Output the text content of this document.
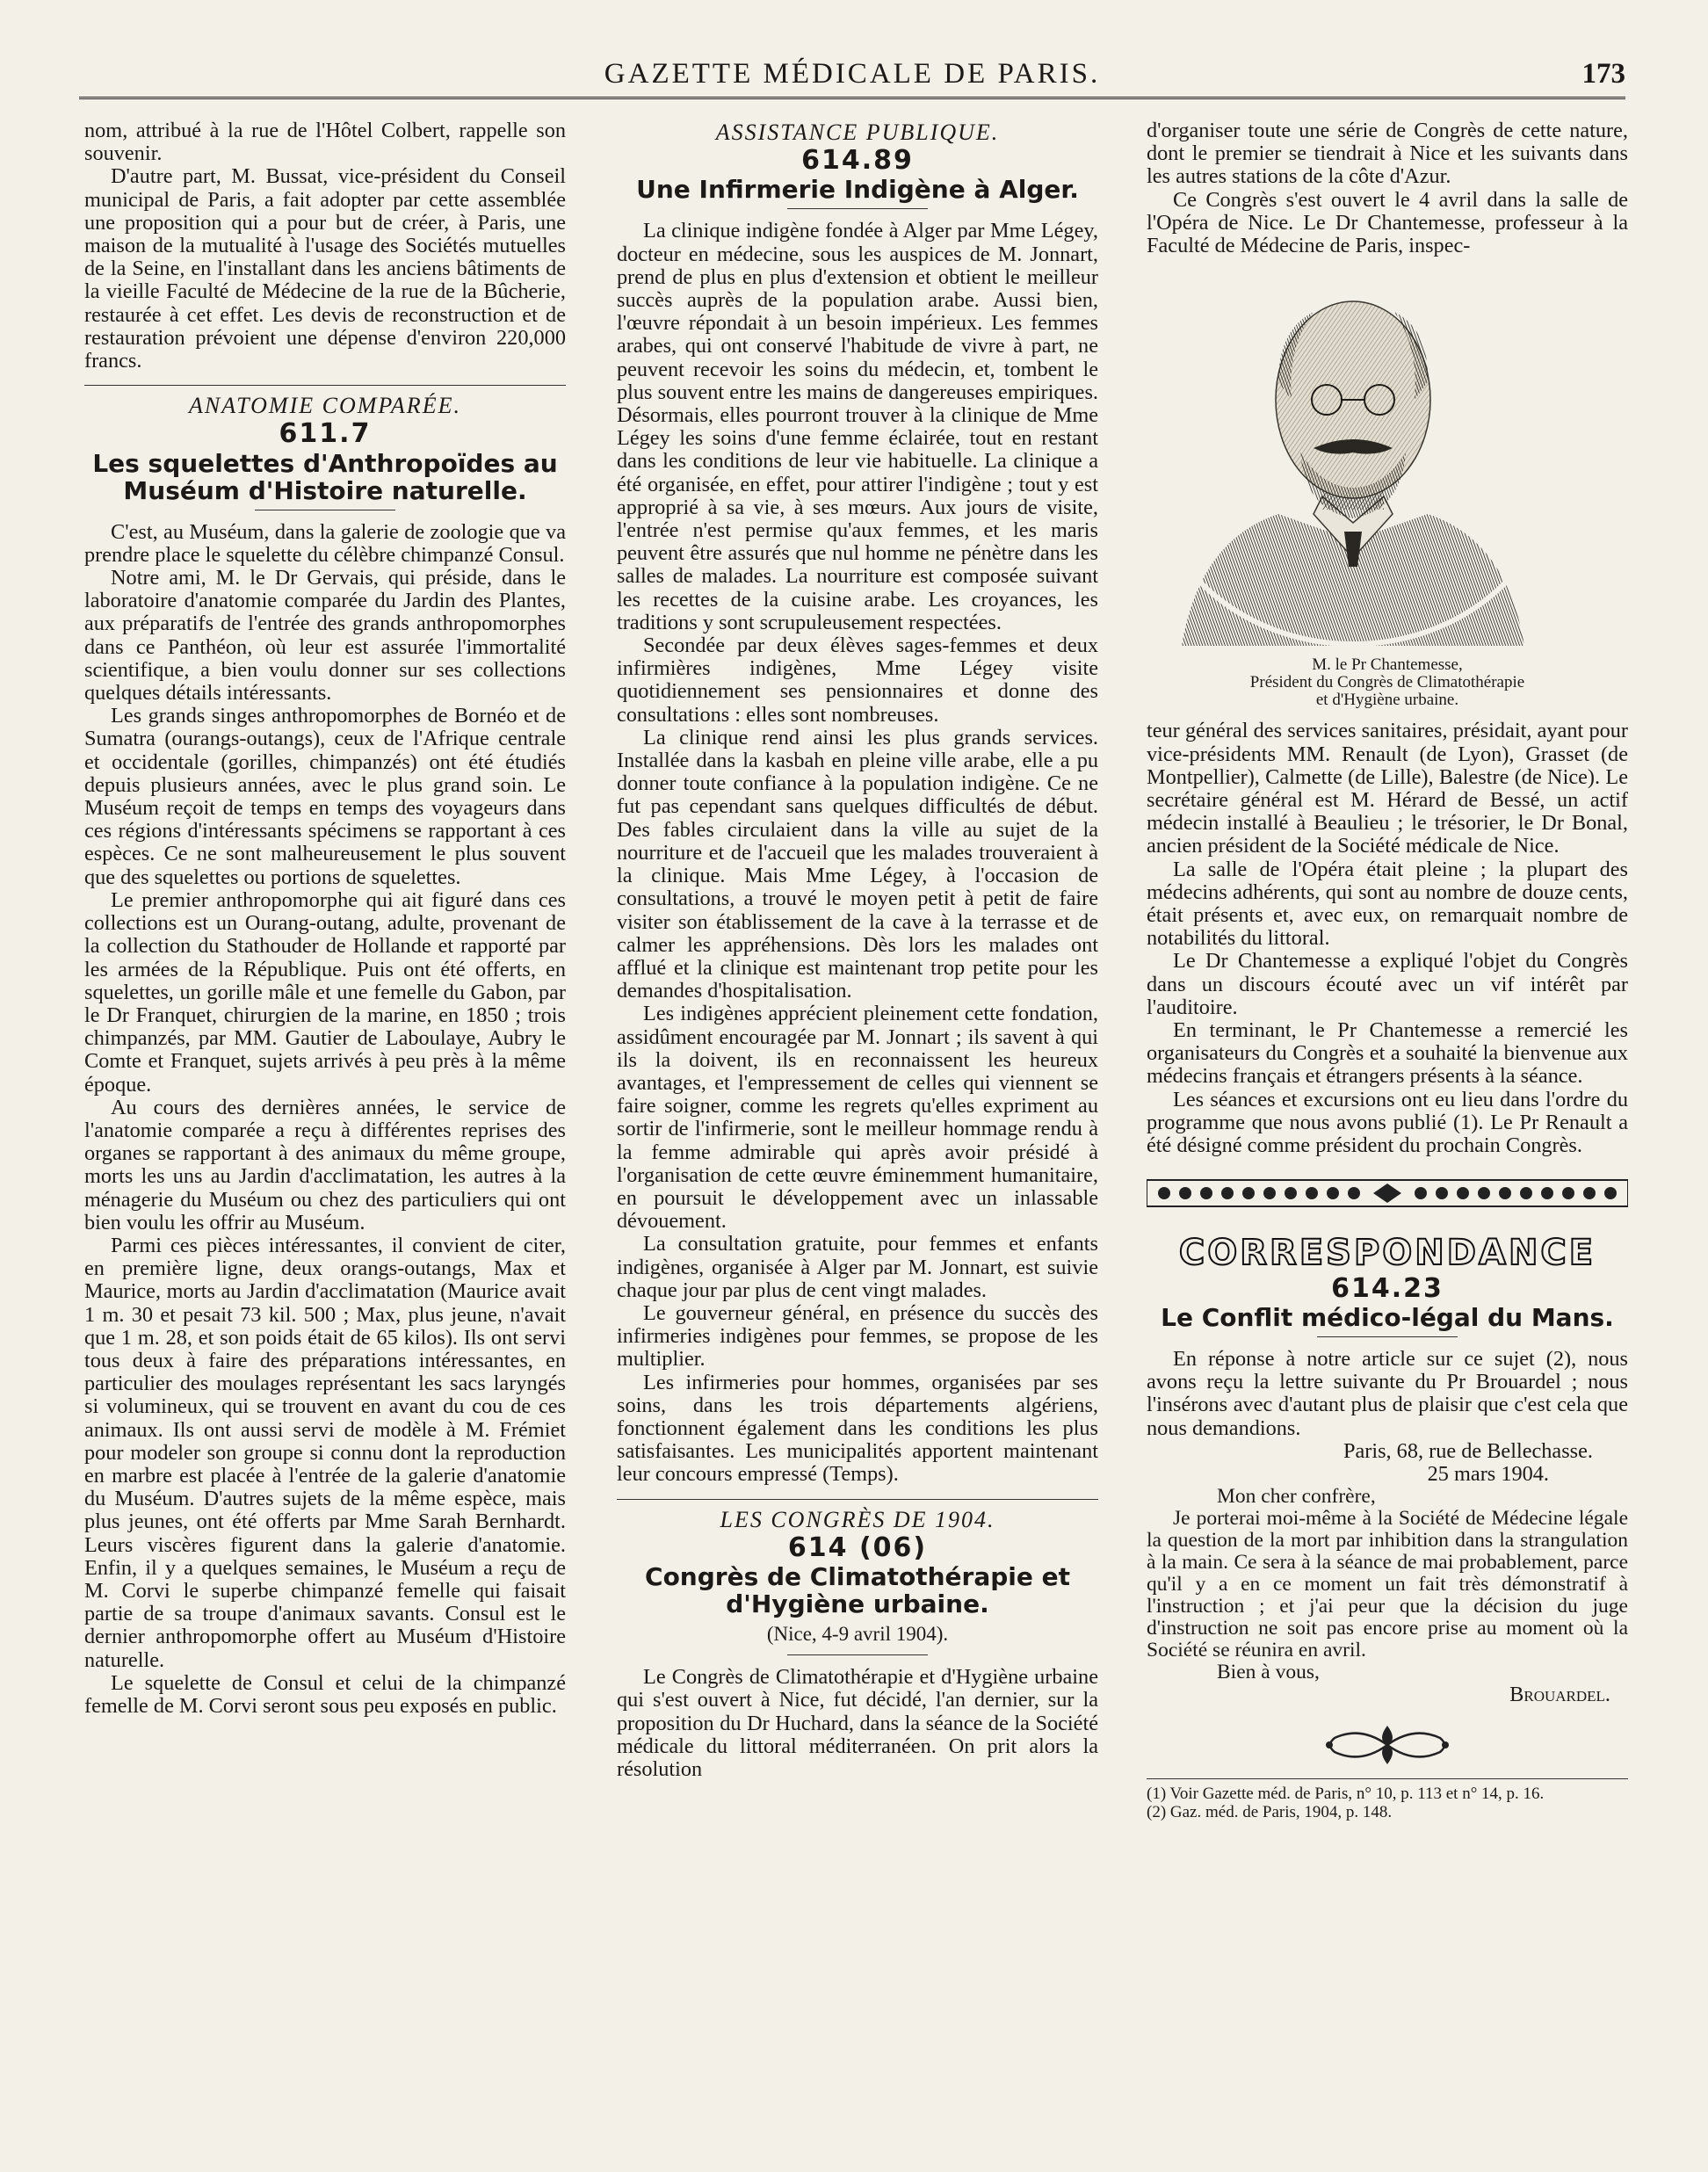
GAZETTE MÉDICALE DE PARIS.	173

nom, attribué à la rue de l'Hôtel Colbert, rappelle son souvenir.

D'autre part, M. Bussat, vice-président du Conseil municipal de Paris, a fait adopter par cette assemblée une proposition qui a pour but de créer, à Paris, une maison de la mutualité à l'usage des Sociétés mutuelles de la Seine, en l'installant dans les anciens bâtiments de la vieille Faculté de Médecine de la rue de la Bûcherie, restaurée à cet effet. Les devis de reconstruction et de restauration prévoient une dépense d'environ 220,000 francs.

ANATOMIE COMPARÉE.
611.7
Les squelettes d'Anthropoïdes au Muséum d'Histoire naturelle.

C'est, au Muséum, dans la galerie de zoologie que va prendre place le squelette du célèbre chimpanzé Consul.

Notre ami, M. le Dr Gervais, qui préside, dans le laboratoire d'anatomie comparée du Jardin des Plantes, aux préparatifs de l'entrée des grands anthropomorphes dans ce Panthéon, où leur est assurée l'immortalité scientifique, a bien voulu donner sur ses collections quelques détails intéressants.

Les grands singes anthropomorphes de Bornéo et de Sumatra (ourangs-outangs), ceux de l'Afrique centrale et occidentale (gorilles, chimpanzés) ont été étudiés depuis plusieurs années, avec le plus grand soin. Le Muséum reçoit de temps en temps des voyageurs dans ces régions d'intéressants spécimens se rapportant à ces espèces. Ce ne sont malheureusement le plus souvent que des squelettes ou portions de squelettes.

Le premier anthropomorphe qui ait figuré dans ces collections est un Ourang-outang, adulte, provenant de la collection du Stathouder de Hollande et rapporté par les armées de la République. Puis ont été offerts, en squelettes, un gorille mâle et une femelle du Gabon, par le Dr Franquet, chirurgien de la marine, en 1850 ; trois chimpanzés, par MM. Gautier de Laboulaye, Aubry le Comte et Franquet, sujets arrivés à peu près à la même époque.

Au cours des dernières années, le service de l'anatomie comparée a reçu à différentes reprises des organes se rapportant à des animaux du même groupe, morts les uns au Jardin d'acclimatation, les autres à la ménagerie du Muséum ou chez des particuliers qui ont bien voulu les offrir au Muséum.

Parmi ces pièces intéressantes, il convient de citer, en première ligne, deux orangs-outangs, Max et Maurice, morts au Jardin d'acclimatation (Maurice avait 1 m. 30 et pesait 73 kil. 500 ; Max, plus jeune, n'avait que 1 m. 28, et son poids était de 65 kilos). Ils ont servi tous deux à faire des préparations intéressantes, en particulier des moulages représentant les sacs laryngés si volumineux, qui se trouvent en avant du cou de ces animaux. Ils ont aussi servi de modèle à M. Frémiet pour modeler son groupe si connu dont la reproduction en marbre est placée à l'entrée de la galerie d'anatomie du Muséum. D'autres sujets de la même espèce, mais plus jeunes, ont été offerts par Mme Sarah Bernhardt. Leurs viscères figurent dans la galerie d'anatomie. Enfin, il y a quelques semaines, le Muséum a reçu de M. Corvi le superbe chimpanzé femelle qui faisait partie de sa troupe d'animaux savants. Consul est le dernier anthropomorphe offert au Muséum d'Histoire naturelle.

Le squelette de Consul et celui de la chimpanzé femelle de M. Corvi seront sous peu exposés en public.

ASSISTANCE PUBLIQUE.
614.89
Une Infirmerie Indigène à Alger.

La clinique indigène fondée à Alger par Mme Légey, docteur en médecine, sous les auspices de M. Jonnart, prend de plus en plus d'extension et obtient le meilleur succès auprès de la population arabe. Aussi bien, l'œuvre répondait à un besoin impérieux. Les femmes arabes, qui ont conservé l'habitude de vivre à part, ne peuvent recevoir les soins du médecin, et, tombent le plus souvent entre les mains de dangereuses empiriques. Désormais, elles pourront trouver à la clinique de Mme Légey les soins d'une femme éclairée, tout en restant dans les conditions de leur vie habituelle. La clinique a été organisée, en effet, pour attirer l'indigène ; tout y est approprié à sa vie, à ses mœurs. Aux jours de visite, l'entrée n'est permise qu'aux femmes, et les maris peuvent être assurés que nul homme ne pénètre dans les salles de malades. La nourriture est composée suivant les recettes de la cuisine arabe. Les croyances, les traditions y sont scrupuleusement respectées.

Secondée par deux élèves sages-femmes et deux infirmières indigènes, Mme Légey visite quotidiennement ses pensionnaires et donne des consultations : elles sont nombreuses.

La clinique rend ainsi les plus grands services. Installée dans la kasbah en pleine ville arabe, elle a pu donner toute confiance à la population indigène. Ce ne fut pas cependant sans quelques difficultés de début. Des fables circulaient dans la ville au sujet de la nourriture et de l'accueil que les malades trouveraient à la clinique. Mais Mme Légey, à l'occasion de consultations, a trouvé le moyen petit à petit de faire visiter son établissement de la cave à la terrasse et de calmer les appréhensions. Dès lors les malades ont afflué et la clinique est maintenant trop petite pour les demandes d'hospitalisation.

Les indigènes apprécient pleinement cette fondation, assidûment encouragée par M. Jonnart ; ils savent à qui ils la doivent, ils en reconnaissent les heureux avantages, et l'empressement de celles qui viennent se faire soigner, comme les regrets qu'elles expriment au sortir de l'infirmerie, sont le meilleur hommage rendu à la femme admirable qui après avoir présidé à l'organisation de cette œuvre éminemment humanitaire, en poursuit le développement avec un inlassable dévouement.

La consultation gratuite, pour femmes et enfants indigènes, organisée à Alger par M. Jonnart, est suivie chaque jour par plus de cent vingt malades.

Le gouverneur général, en présence du succès des infirmeries indigènes pour femmes, se propose de les multiplier.

Les infirmeries pour hommes, organisées par ses soins, dans les trois départements algériens, fonctionnent également dans les conditions les plus satisfaisantes. Les municipalités apportent maintenant leur concours empressé (Temps).

LES CONGRÈS DE 1904.
614 (06)
Congrès de Climatothérapie et d'Hygiène urbaine.
(Nice, 4-9 avril 1904).

Le Congrès de Climatothérapie et d'Hygiène urbaine qui s'est ouvert à Nice, fut décidé, l'an dernier, sur la proposition du Dr Huchard, dans la séance de la Société médicale du littoral méditerranéen. On prit alors la résolution

d'organiser toute une série de Congrès de cette nature, dont le premier se tiendrait à Nice et les suivants dans les autres stations de la côte d'Azur.

Ce Congrès s'est ouvert le 4 avril dans la salle de l'Opéra de Nice. Le Dr Chantemesse, professeur à la Faculté de Médecine de Paris, inspec-

M. le Pr Chantemesse,
Président du Congrès de Climatothérapie
et d'Hygiène urbaine.

teur général des services sanitaires, présidait, ayant pour vice-présidents MM. Renault (de Lyon), Grasset (de Montpellier), Calmette (de Lille), Balestre (de Nice). Le secrétaire général est M. Hérard de Bessé, un actif médecin installé à Beaulieu ; le trésorier, le Dr Bonal, ancien président de la Société médicale de Nice.

La salle de l'Opéra était pleine ; la plupart des médecins adhérents, qui sont au nombre de douze cents, était présents et, avec eux, on remarquait nombre de notabilités du littoral.

Le Dr Chantemesse a expliqué l'objet du Congrès dans un discours écouté avec un vif intérêt par l'auditoire.

En terminant, le Pr Chantemesse a remercié les organisateurs du Congrès et a souhaité la bienvenue aux médecins français et étrangers présents à la séance.

Les séances et excursions ont eu lieu dans l'ordre du programme que nous avons publié (1). Le Pr Renault a été désigné comme président du prochain Congrès.

CORRESPONDANCE
614.23
Le Conflit médico-légal du Mans.

En réponse à notre article sur ce sujet (2), nous avons reçu la lettre suivante du Pr Brouardel ; nous l'insérons avec d'autant plus de plaisir que c'est cela que nous demandions.

Paris, 68, rue de Bellechasse.
25 mars 1904.

Mon cher confrère,

Je porterai moi-même à la Société de Médecine légale la question de la mort par inhibition dans la strangulation à la main. Ce sera à la séance de mai probablement, parce qu'il y a en ce moment un fait très démonstratif à l'instruction ; et j'ai peur que la décision du juge d'instruction ne soit pas encore prise au moment où la Société se réunira en avril.

Bien à vous,

Brouardel.

(1) Voir Gazette méd. de Paris, n° 10, p. 113 et n° 14, p. 16.

(2) Gaz. méd. de Paris, 1904, p. 148.
